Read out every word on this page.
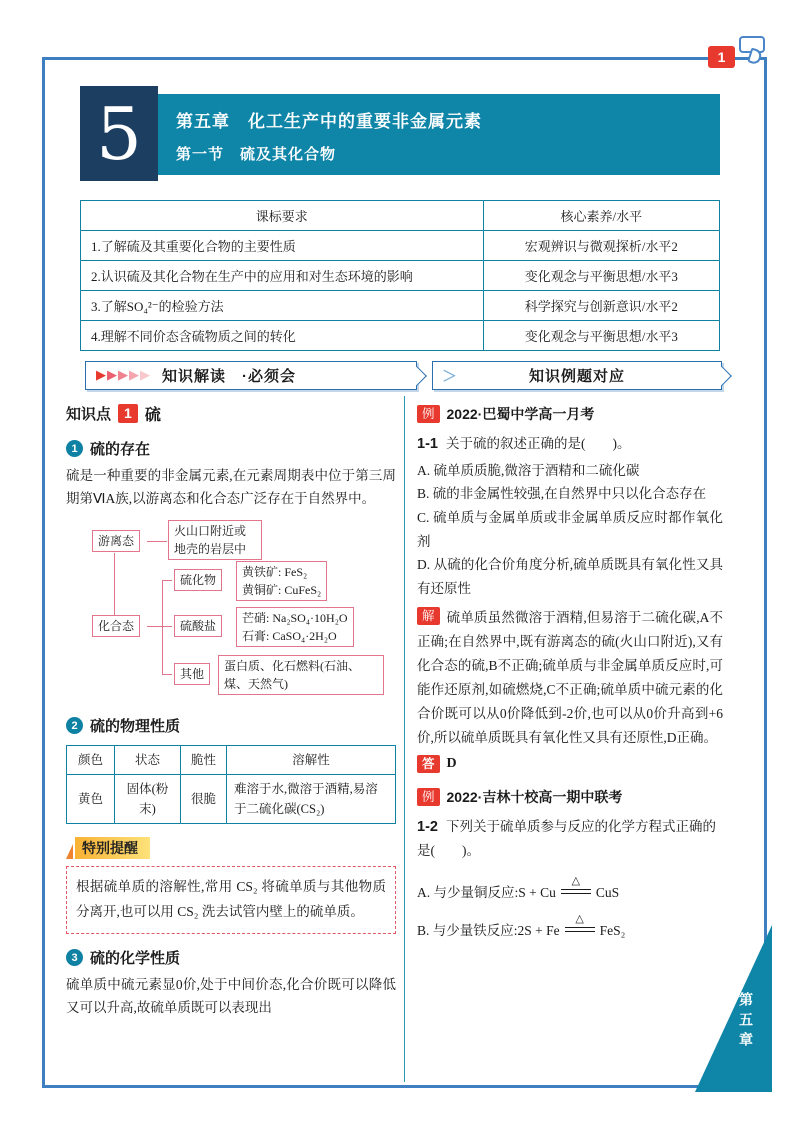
第五章
1
第五章　化工生产中的重要非金属元素
第一节　硫及其化合物
5
课标要求	核心素养/水平
1.了解硫及其重要化合物的主要性质	宏观辨识与微观探析/水平2
2.认识硫及其化合物在生产中的应用和对生态环境的影响	变化观念与平衡思想/水平3
3.了解SO₄²⁻的检验方法	科学探究与创新意识/水平2
4.理解不同价态含硫物质之间的转化	变化观念与平衡思想/水平3
▶ ▶ ▶ ▶ ▶ 知识解读　·必须会	＞	知识例题对应
知识点 1 硫
1 硫的存在
硫是一种重要的非金属元素,在元素周期表中位于第三周期第ⅥA族,以游离态和化合态广泛存在于自然界中。
游离态
火山口附近或地壳的岩层中
化合态
硫化物
黄铁矿: FeS₂
黄铜矿: CuFeS₂
硫酸盐
芒硝: Na₂SO₄·10H₂O
石膏: CaSO₄·2H₂O
其他
蛋白质、化石燃料(石油、煤、天然气)
2 硫的物理性质
颜色	状态	脆性	溶解性
黄色	固体(粉末)	很脆	难溶于水,微溶于酒精,易溶于二硫化碳(CS₂)
特别提醒
根据硫单质的溶解性,常用 CS₂ 将硫单质与其他物质分离开,也可以用 CS₂ 洗去试管内壁上的硫单质。
3 硫的化学性质
硫单质中硫元素显0价,处于中间价态,化合价既可以降低又可以升高,故硫单质既可以表现出
例 2022·巴蜀中学高一月考
1-1 关于硫的叙述正确的是(　　)。
A. 硫单质质脆,微溶于酒精和二硫化碳
B. 硫的非金属性较强,在自然界中只以化合态存在
C. 硫单质与金属单质或非金属单质反应时都作氧化剂
D. 从硫的化合价角度分析,硫单质既具有氧化性又具有还原性
解 硫单质虽然微溶于酒精,但易溶于二硫化碳,A不正确;在自然界中,既有游离态的硫(火山口附近),又有化合态的硫,B不正确;硫单质与非金属单质反应时,可能作还原剂,如硫燃烧,C不正确;硫单质中硫元素的化合价既可以从0价降低到-2价,也可以从0价升高到+6价,所以硫单质既具有氧化性又具有还原性,D正确。
答 D
例 2022·吉林十校高一期中联考
1-2 下列关于硫单质参与反应的化学方程式正确的是(　　)。
A. 与少量铜反应:S + Cu
△
CuS
B. 与少量铁反应:2S + Fe
△
FeS₂
